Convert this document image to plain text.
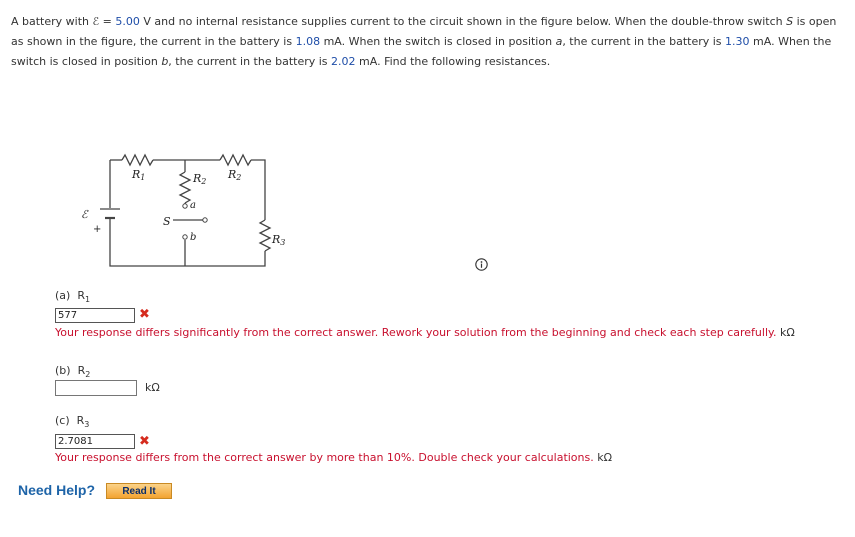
A battery with ℰ = 5.00 V and no internal resistance supplies current to the circuit shown in the figure below. When the double-throw switch S is open as shown in the figure, the current in the battery is 1.08 mA. When the switch is closed in position a, the current in the battery is 1.30 mA. When the switch is closed in position b, the current in the battery is 2.02 mA. Find the following resistances.
ℰ
+
R1	R2
R2
R3
S
a
b
(a) $R_1$
577	✖
Your response differs significantly from the correct answer. Rework your solution from the beginning and check each step carefully. kΩ
(b) $R_2$
kΩ
(c) $R_3$
2.7081	✖
Your response differs from the correct answer by more than 10%. Double check your calculations. kΩ
Need Help?	Read It
